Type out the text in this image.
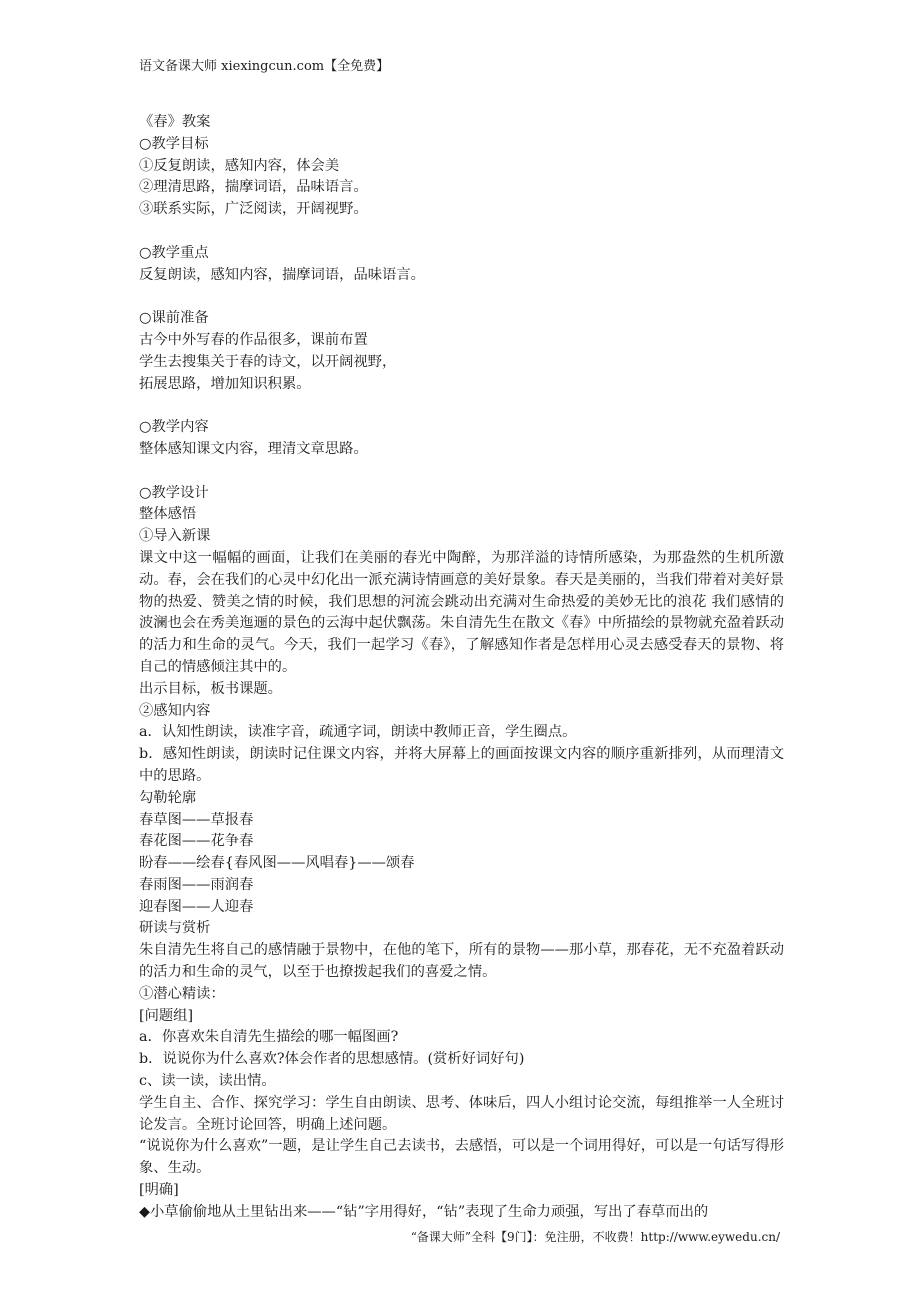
语文备课大师 xiexingcun.com【全免费】

《春》教案

○教学目标

①反复朗读，感知内容，体会美

②理清思路，揣摩词语，品味语言。

③联系实际，广泛阅读，开阔视野。

○教学重点

反复朗读，感知内容，揣摩词语，品味语言。

○课前准备

古今中外写春的作品很多，课前布置

学生去搜集关于春的诗文，以开阔视野，

拓展思路，增加知识积累。

○教学内容

整体感知课文内容，理清文章思路。

○教学设计

整体感悟

①导入新课

课文中这一幅幅的画面，让我们在美丽的春光中陶醉，为那洋溢的诗情所感染，为那盎然的生机所激动。春，会在我们的心灵中幻化出一派充满诗情画意的美好景象。春天是美丽的，当我们带着对美好景物的热爱、赞美之情的时候，我们思想的河流会跳动出充满对生命热爱的美妙无比的浪花 我们感情的波澜也会在秀美迤逦的景色的云海中起伏飘荡。朱自清先生在散文《春》中所描绘的景物就充盈着跃动的活力和生命的灵气。今天，我们一起学习《春》，了解感知作者是怎样用心灵去感受春天的景物、将自己的情感倾注其中的。

出示目标，板书课题。

②感知内容

a．认知性朗读，读准字音，疏通字词，朗读中教师正音，学生圈点。

b．感知性朗读，朗读时记住课文内容，并将大屏幕上的画面按课文内容的顺序重新排列，从而理清文中的思路。

勾勒轮廓

春草图——草报春

春花图——花争春

盼春——绘春{春风图——风唱春}——颂春

春雨图——雨润春

迎春图——人迎春

研读与赏析

朱自清先生将自己的感情融于景物中，在他的笔下，所有的景物——那小草，那春花，无不充盈着跃动的活力和生命的灵气，以至于也撩拨起我们的喜爱之情。

①潜心精读：

[问题组]

a．你喜欢朱自清先生描绘的哪一幅图画?

b．说说你为什么喜欢?体会作者的思想感情。(赏析好词好句)

c、读一读，读出情。

学生自主、合作、探究学习：学生自由朗读、思考、体味后，四人小组讨论交流，每组推举一人全班讨论发言。全班讨论回答，明确上述问题。

“说说你为什么喜欢”一题，是让学生自己去读书，去感悟，可以是一个词用得好，可以是一句话写得形象、生动。

[明确]

◆小草偷偷地从土里钻出来——“钻”字用得好，“钻”表现了生命力顽强，写出了春草而出的

“备课大师”全科【9门】：免注册，不收费！http://www.eywedu.cn/
